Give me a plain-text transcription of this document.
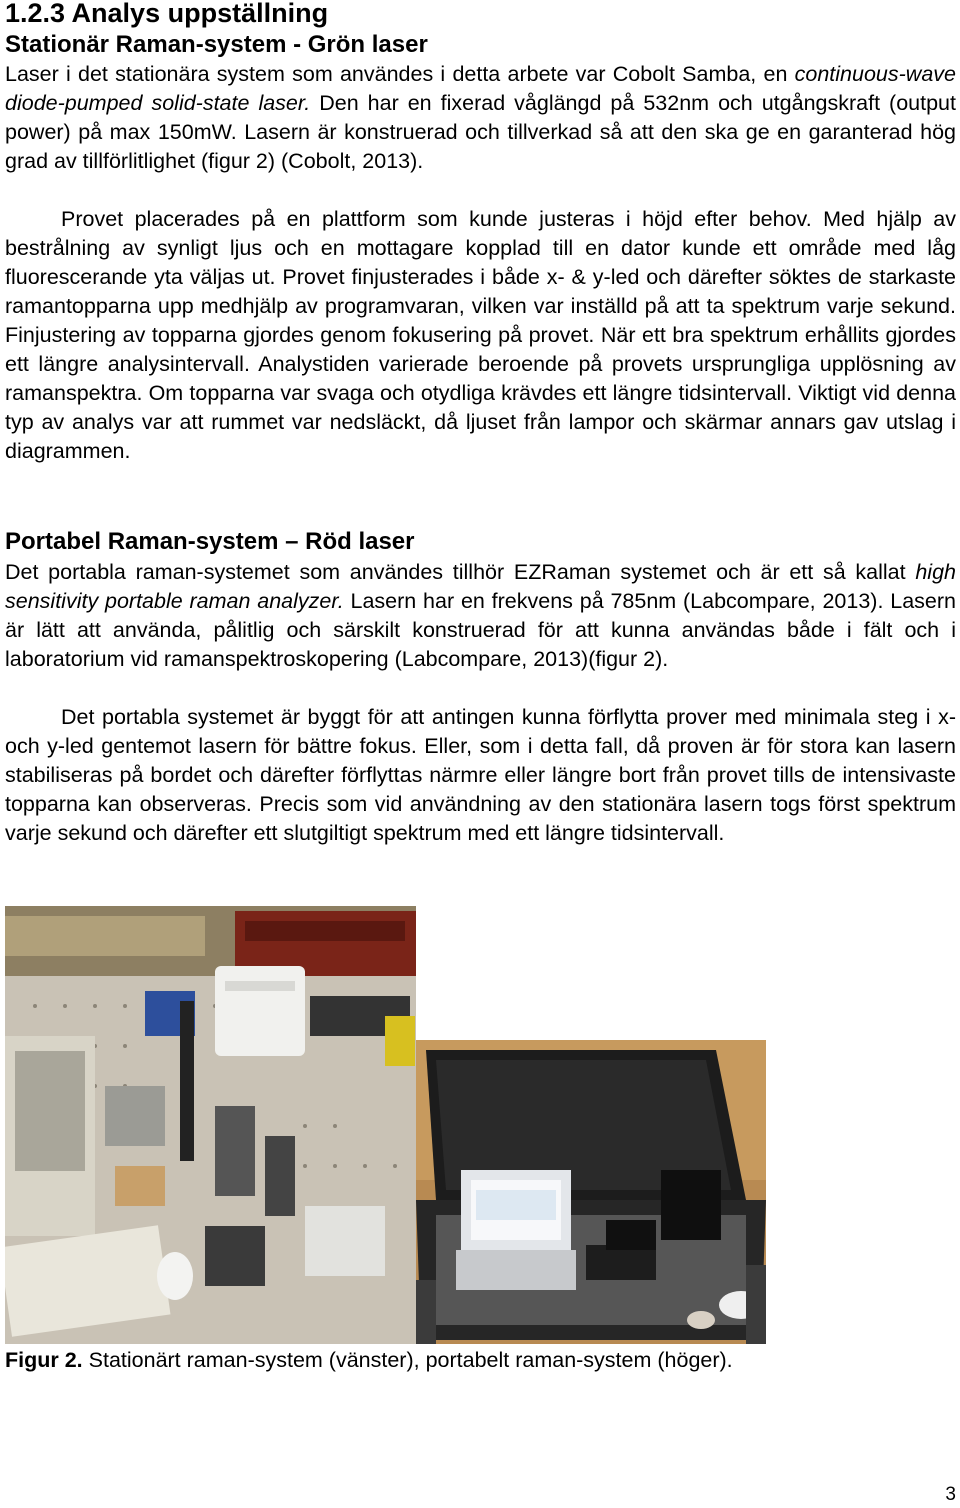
1.2.3 Analys uppställning
Stationär Raman-system - Grön laser

Laser i det stationära system som användes i detta arbete var Cobolt Samba, en continuous-wave diode-pumped solid-state laser. Den har en fixerad våglängd på 532nm och utgångskraft (output power) på max 150mW. Lasern är konstruerad och tillverkad så att den ska ge en garanterad hög grad av tillförlitlighet (figur 2) (Cobolt, 2013).

Provet placerades på en plattform som kunde justeras i höjd efter behov. Med hjälp av bestrålning av synligt ljus och en mottagare kopplad till en dator kunde ett område med låg fluorescerande yta väljas ut. Provet finjusterades i både x- & y-led och därefter söktes de starkaste ramantopparna upp medhjälp av programvaran, vilken var inställd på att ta spektrum varje sekund. Finjustering av topparna gjordes genom fokusering på provet. När ett bra spektrum erhållits gjordes ett längre analysintervall. Analystiden varierade beroende på provets ursprungliga upplösning av ramanspektra. Om topparna var svaga och otydliga krävdes ett längre tidsintervall. Viktigt vid denna typ av analys var att rummet var nedsläckt, då ljuset från lampor och skärmar annars gav utslag i diagrammen.

Portabel Raman-system – Röd laser

Det portabla raman-systemet som användes tillhör EZRaman systemet och är ett så kallat high sensitivity portable raman analyzer. Lasern har en frekvens på 785nm (Labcompare, 2013). Lasern är lätt att använda, pålitlig och särskilt konstruerad för att kunna användas både i fält och i laboratorium vid ramanspektroskopering (Labcompare, 2013)(figur 2).

Det portabla systemet är byggt för att antingen kunna förflytta prover med minimala steg i x- och y-led gentemot lasern för bättre fokus. Eller, som i detta fall, då proven är för stora kan lasern stabiliseras på bordet och därefter förflyttas närmre eller längre bort från provet tills de intensivaste topparna kan observeras. Precis som vid användning av den stationära lasern togs först spektrum varje sekund och därefter ett slutgiltigt spektrum med ett längre tidsintervall.

Figur 2. Stationärt raman-system (vänster), portabelt raman-system (höger).

3
